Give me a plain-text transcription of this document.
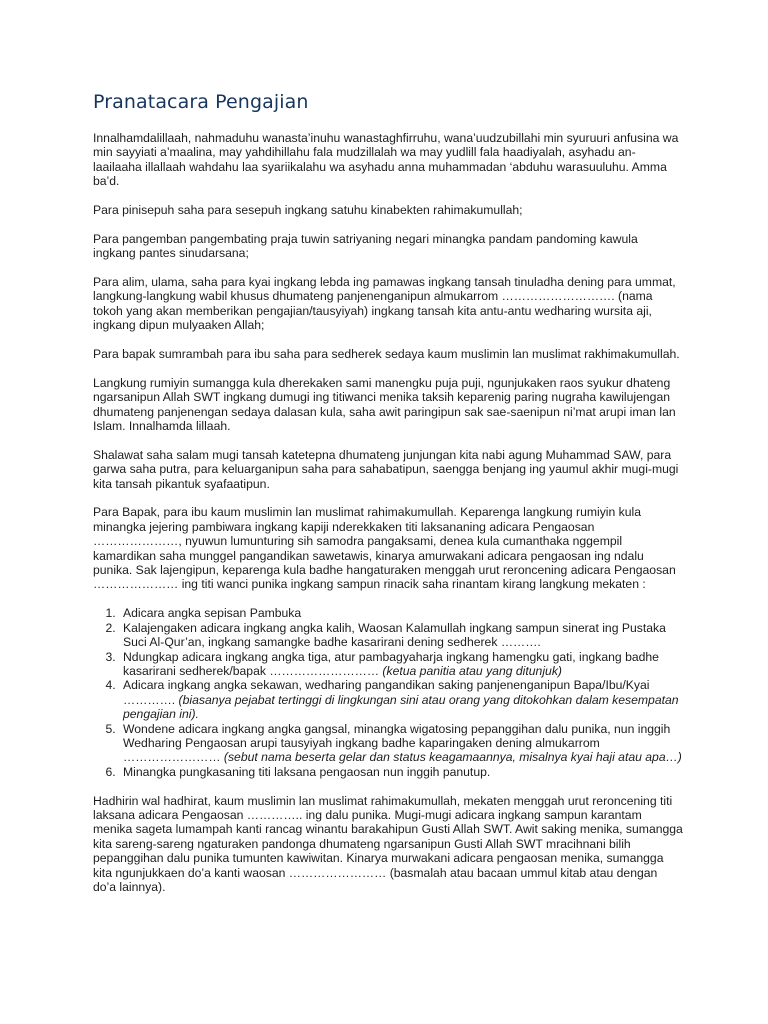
Pranatacara Pengajian

Innalhamdalillaah, nahmaduhu wanasta’inuhu wanastaghfirruhu, wana’uudzubillahi min syuruuri anfusina wa min sayyiati a’maalina, may yahdihillahu fala mudzillalah wa may yudlill fala haadiyalah, asyhadu an-laailaaha illallaah wahdahu laa syariikalahu wa asyhadu anna muhammadan ‘abduhu warasuuluhu. Amma ba’d.

Para pinisepuh saha para sesepuh ingkang satuhu kinabekten rahimakumullah;

Para pangemban pangembating praja tuwin satriyaning negari minangka pandam pandoming kawula ingkang pantes sinudarsana;

Para alim, ulama, saha para kyai ingkang lebda ing pamawas ingkang tansah tinuladha dening para ummat, langkung-langkung wabil khusus dhumateng panjenenganipun almukarrom ………………………. (nama tokoh yang akan memberikan pengajian/tausyiyah) ingkang tansah kita antu-antu wedharing wursita aji, ingkang dipun mulyaaken Allah;

Para bapak sumrambah para ibu saha para sedherek sedaya kaum muslimin lan muslimat rakhimakumullah.

Langkung rumiyin sumangga kula dherekaken sami manengku puja puji, ngunjukaken raos syukur dhateng ngarsanipun Allah SWT ingkang dumugi ing titiwanci menika taksih keparenig paring nugraha kawilujengan dhumateng panjenengan sedaya dalasan kula, saha awit paringipun sak sae-saenipun ni’mat arupi iman lan Islam. Innalhamda lillaah.

Shalawat saha salam mugi tansah katetepna dhumateng junjungan kita nabi agung Muhammad SAW, para garwa saha putra, para keluarganipun saha para sahabatipun, saengga benjang ing yaumul akhir mugi-mugi kita tansah pikantuk syafaatipun.

Para Bapak, para ibu kaum muslimin lan muslimat rahimakumullah. Keparenga langkung rumiyin kula minangka jejering pambiwara ingkang kapiji nderekkaken titi laksananing adicara Pengaosan …………………, nyuwun lumunturing sih samodra pangaksami, denea kula cumanthaka nggempil kamardikan saha munggel pangandikan sawetawis, kinarya amurwakani adicara pengaosan ing ndalu punika. Sak lajengipun, keparenga kula badhe hangaturaken menggah urut reroncening adicara Pengaosan ………………… ing titi wanci punika ingkang sampun rinacik saha rinantam kirang langkung mekaten :

1. Adicara angka sepisan Pambuka
2. Kalajengaken adicara ingkang angka kalih, Waosan Kalamullah ingkang sampun sinerat ing Pustaka Suci Al-Qur’an, ingkang samangke badhe kasarirani dening sedherek ……….
3. Ndungkap adicara ingkang angka tiga, atur pambagyaharja ingkang hamengku gati, ingkang badhe kasarirani sedherek/bapak ……………………… (ketua panitia atau yang ditunjuk)
4. Adicara ingkang angka sekawan, wedharing pangandikan saking panjenenganipun Bapa/Ibu/Kyai …………. (biasanya pejabat tertinggi di lingkungan sini atau orang yang ditokohkan dalam kesempatan pengajian ini).
5. Wondene adicara ingkang angka gangsal, minangka wigatosing pepanggihan dalu punika, nun inggih Wedharing Pengaosan arupi tausyiyah ingkang badhe kaparingaken dening almukarrom …………………… (sebut nama beserta gelar dan status keagamaannya, misalnya kyai haji atau apa…)
6. Minangka pungkasaning titi laksana pengaosan nun inggih panutup.

Hadhirin wal hadhirat, kaum muslimin lan muslimat rahimakumullah, mekaten menggah urut reroncening titi laksana adicara Pengaosan ………….. ing dalu punika. Mugi-mugi adicara ingkang sampun karantam menika sageta lumampah kanti rancag winantu barakahipun Gusti Allah SWT. Awit saking menika, sumangga kita sareng-sareng ngaturaken pandonga dhumateng ngarsanipun Gusti Allah SWT mracihnani bilih pepanggihan dalu punika tumunten kawiwitan. Kinarya murwakani adicara pengaosan menika, sumangga kita ngunjukkaen do’a kanti waosan …………………… (basmalah atau bacaan ummul kitab atau dengan do’a lainnya).
